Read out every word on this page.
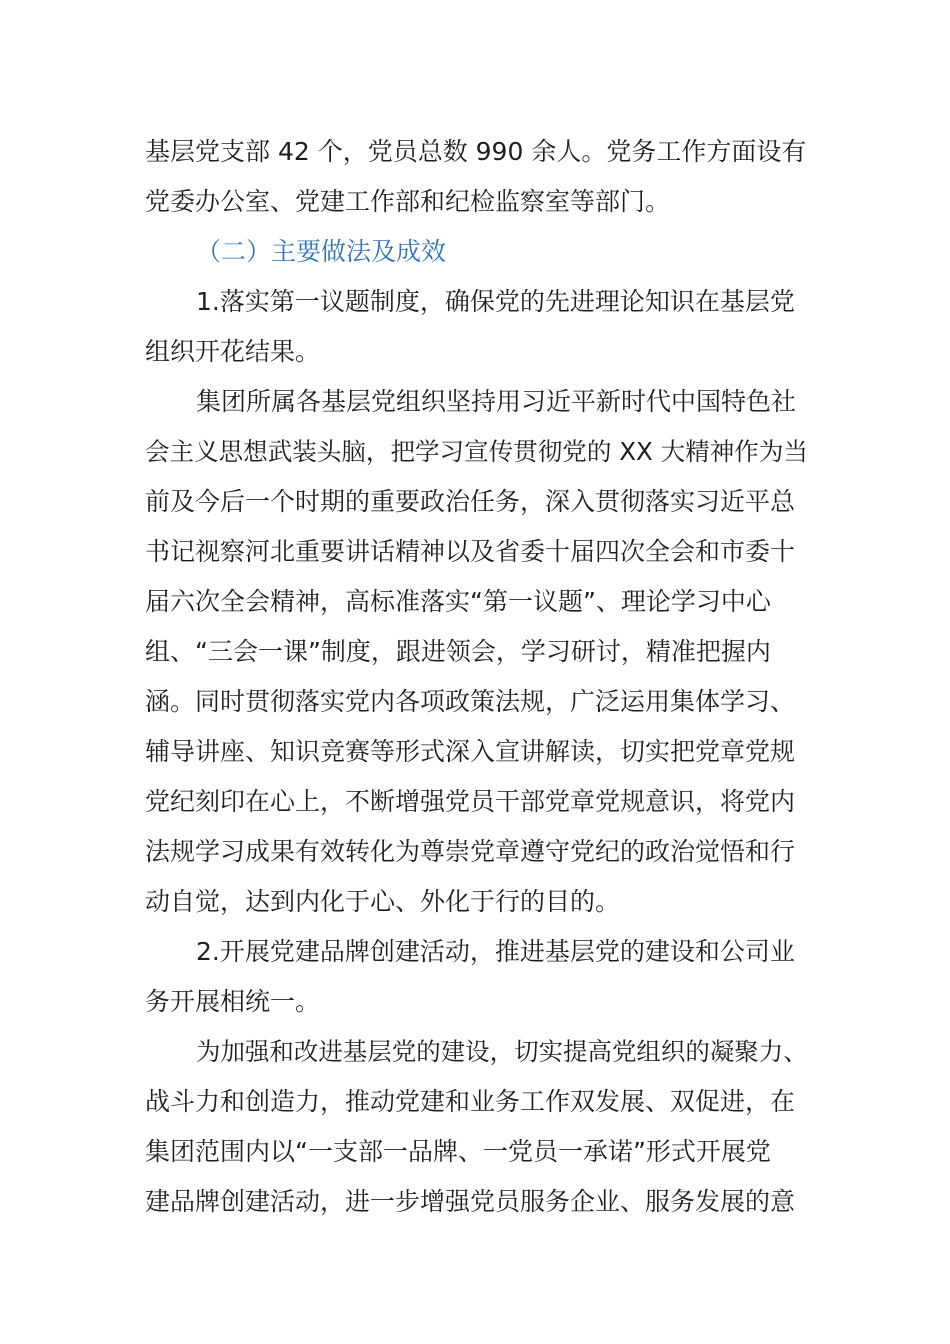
基层党支部 42 个，党员总数 990 余人。党务工作方面设有
党委办公室、党建工作部和纪检监察室等部门。
（二）主要做法及成效
1.落实第一议题制度，确保党的先进理论知识在基层党
组织开花结果。
集团所属各基层党组织坚持用习近平新时代中国特色社
会主义思想武装头脑，把学习宣传贯彻党的 XX 大精神作为当
前及今后一个时期的重要政治任务，深入贯彻落实习近平总
书记视察河北重要讲话精神以及省委十届四次全会和市委十
届六次全会精神，高标准落实“第一议题”、理论学习中心
组、“三会一课”制度，跟进领会，学习研讨，精准把握内
涵。同时贯彻落实党内各项政策法规，广泛运用集体学习、
辅导讲座、知识竞赛等形式深入宣讲解读，切实把党章党规
党纪刻印在心上，不断增强党员干部党章党规意识，将党内
法规学习成果有效转化为尊崇党章遵守党纪的政治觉悟和行
动自觉，达到内化于心、外化于行的目的。
2.开展党建品牌创建活动，推进基层党的建设和公司业
务开展相统一。
为加强和改进基层党的建设，切实提高党组织的凝聚力、
战斗力和创造力，推动党建和业务工作双发展、双促进，在
集团范围内以“一支部一品牌、一党员一承诺”形式开展党
建品牌创建活动，进一步增强党员服务企业、服务发展的意
